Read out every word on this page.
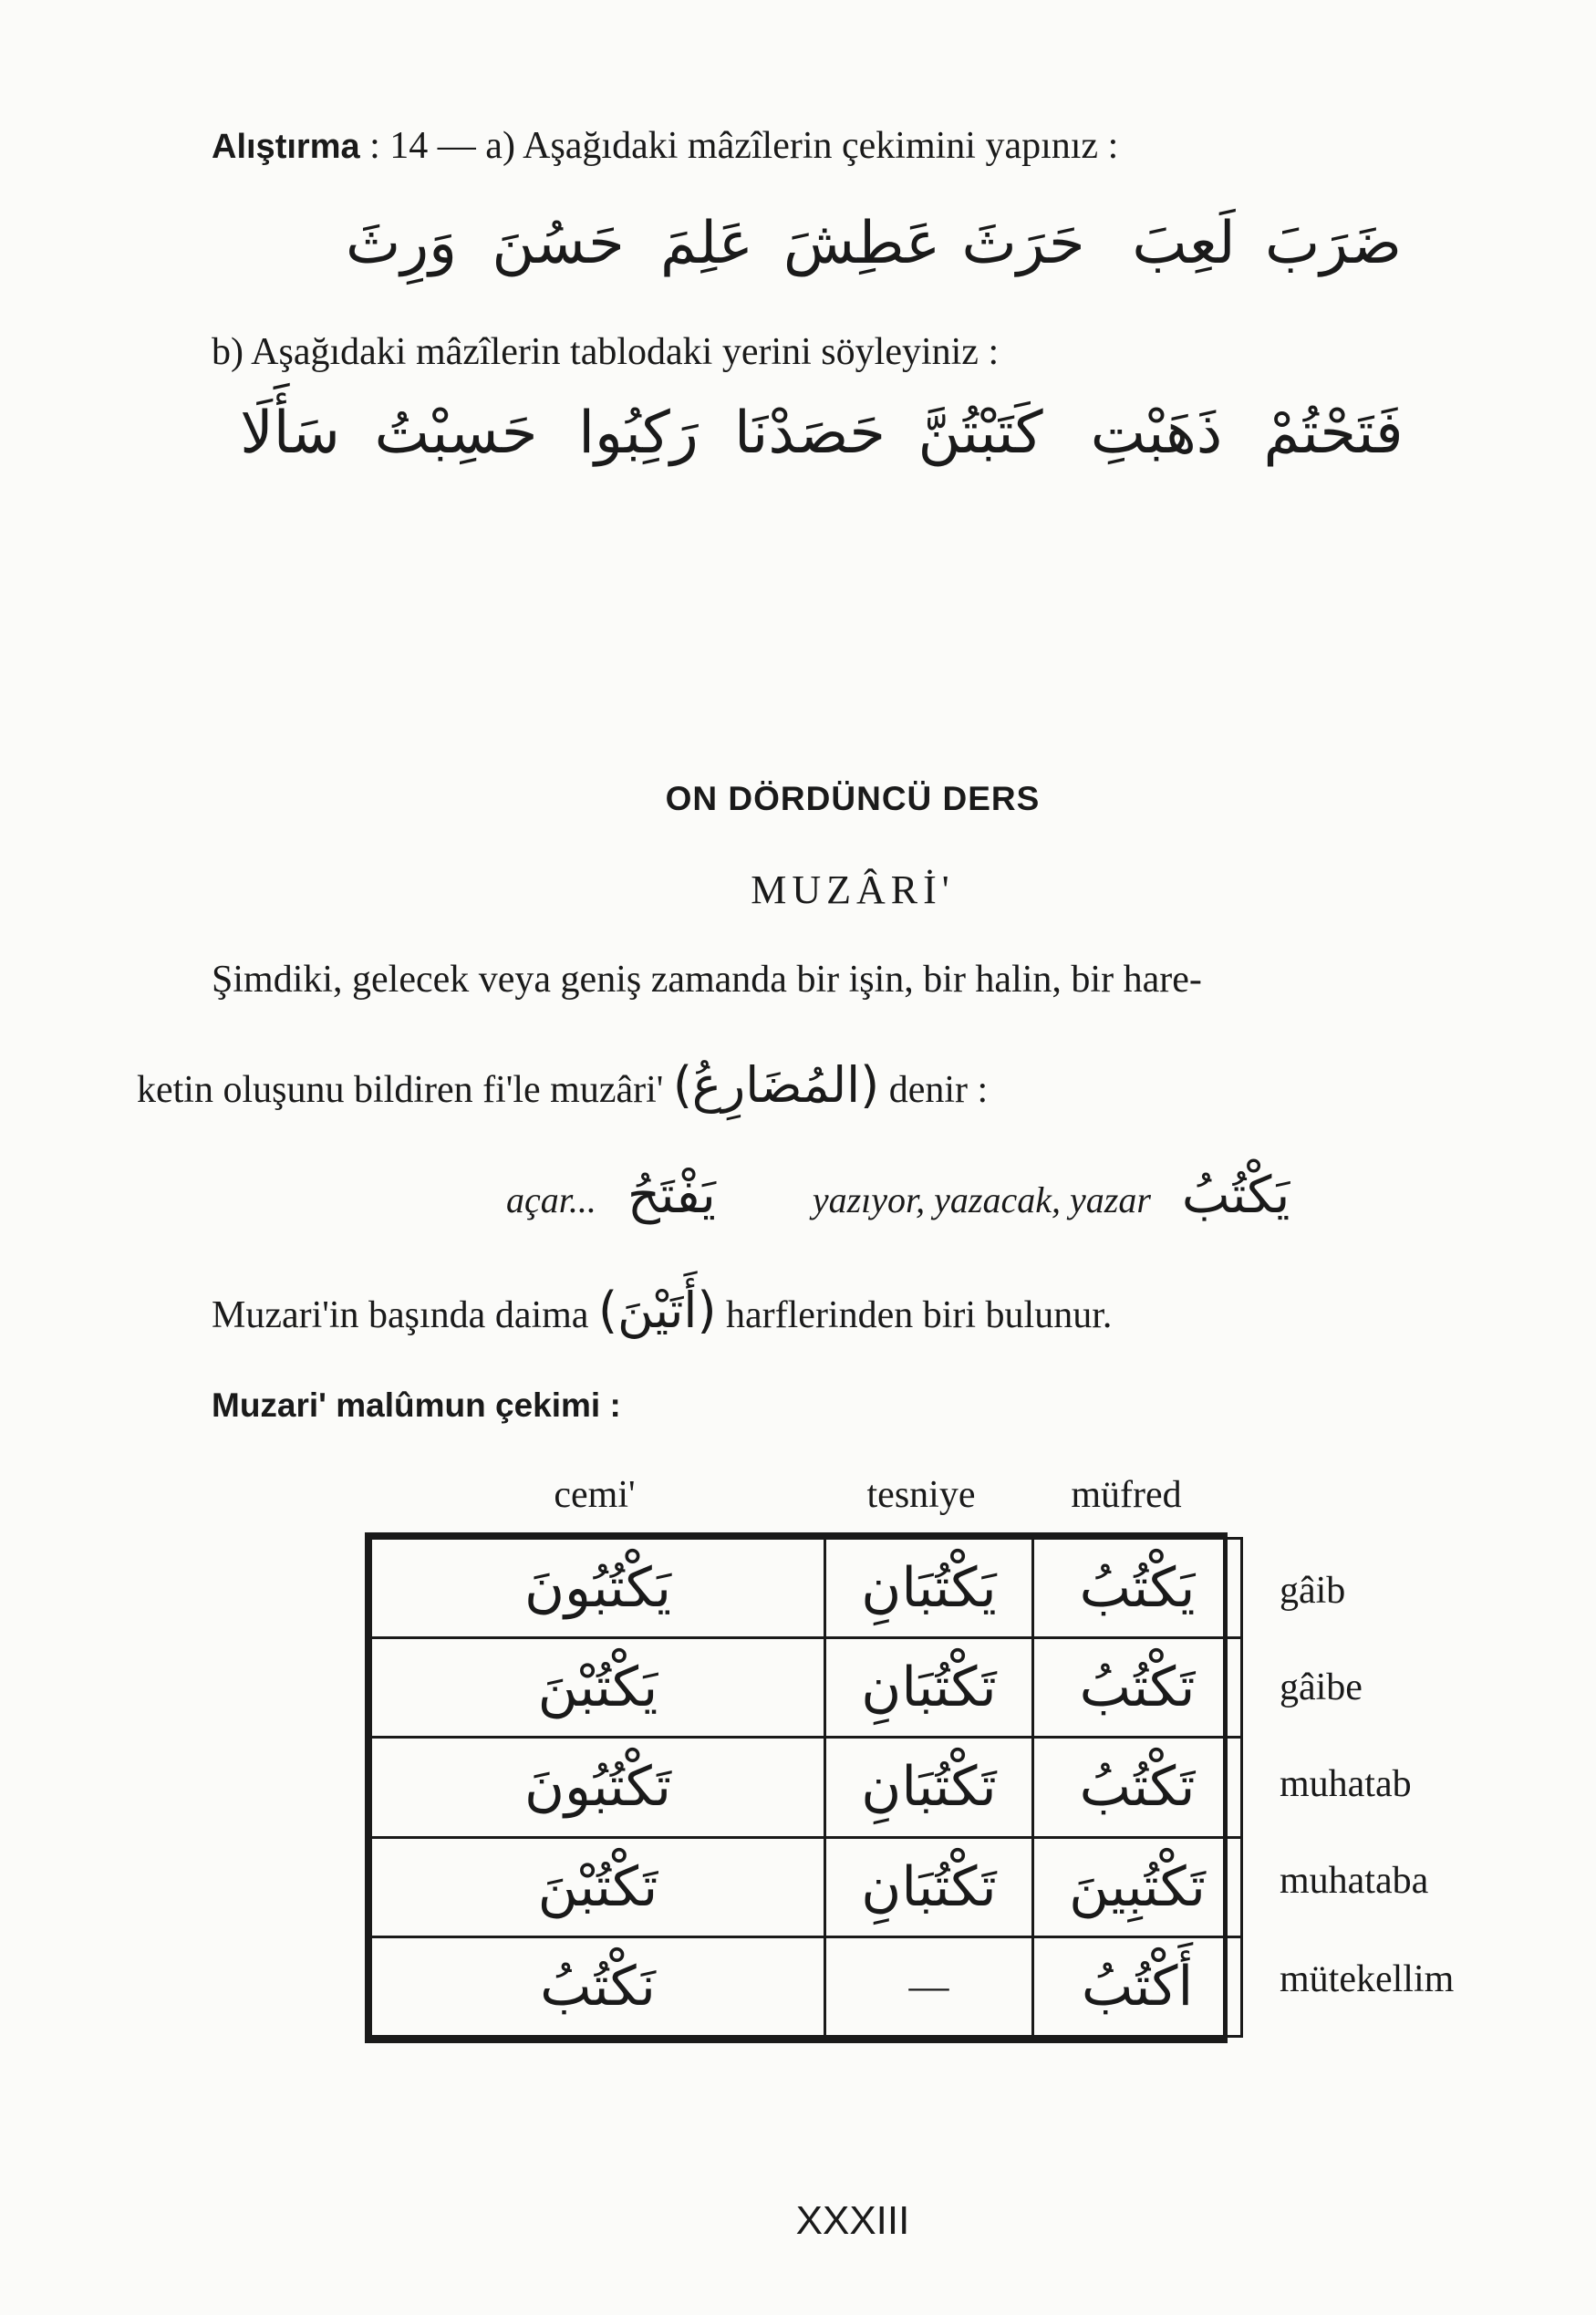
Alıştırma : 14 — a) Aşağıdaki mâzîlerin çekimini yapınız :
ضَرَبَ
لَعِبَ
حَرَثَ
عَطِشَ
عَلِمَ
حَسُنَ
وَرِثَ
b) Aşağıdaki mâzîlerin tablodaki yerini söyleyiniz :
فَتَحْتُمْ
ذَهَبْتِ
كَتَبْتُنَّ
حَصَدْنَا
رَكِبُوا
حَسِبْتُ
سَأَلَا
ON DÖRDÜNCÜ DERS
MUZÂRİ'
Şimdiki, gelecek veya geniş zamanda bir işin, bir halin, bir hare-
ketin oluşunu bildiren fi'le muzâri' (المُضَارِعُ) denir :
açar... يَفْتَحُ	yazıyor, yazacak, yazar يَكْتُبُ
Muzari'in başında daima (أَتَيْنَ) harflerinden biri bulunur.
Muzari' malûmun çekimi :
cemi'	tesniye müfred
يَكْتُبُونَ	يَكْتُبَانِ	يَكْتُبُ
يَكْتُبْنَ	تَكْتُبَانِ	تَكْتُبُ
تَكْتُبُونَ	تَكْتُبَانِ	تَكْتُبُ
تَكْتُبْنَ	تَكْتُبَانِ	تَكْتُبِينَ
نَكْتُبُ	—	أَكْتُبُ
gâib
gâibe
muhatab
muhataba
mütekellim
XXXIII
